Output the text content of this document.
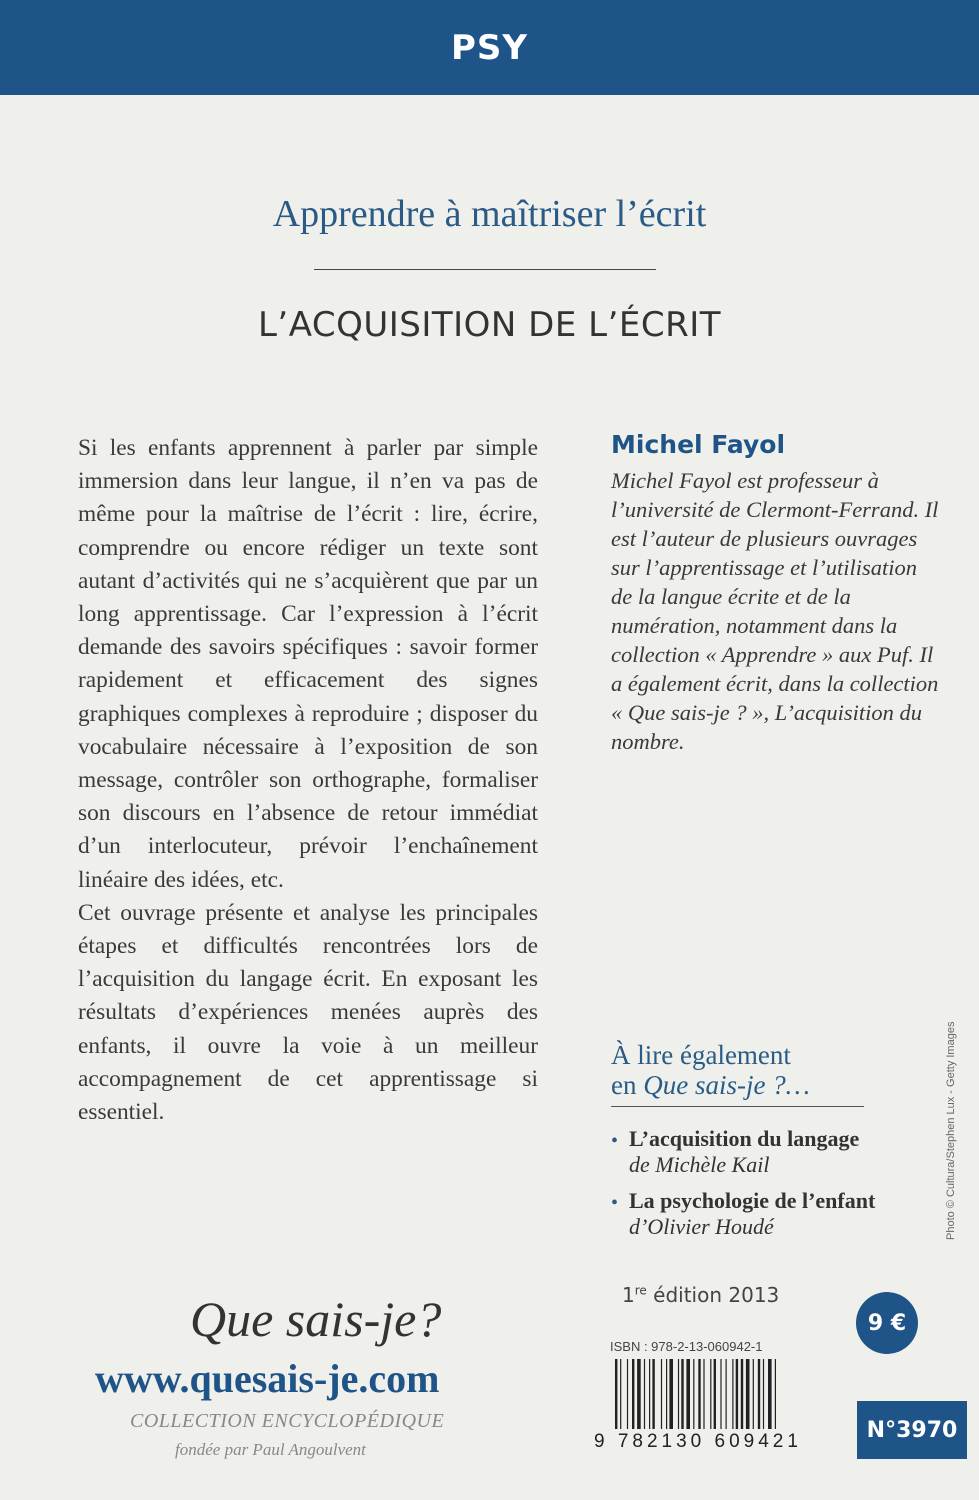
PSY
Apprendre à maîtriser l’écrit
L’ACQUISITION DE L’ÉCRIT

Si les enfants apprennent à parler par simple immersion dans leur langue, il n’en va pas de même pour la maîtrise de l’écrit : lire, écrire, comprendre ou encore rédiger un texte sont autant d’activités qui ne s’acquièrent que par un long apprentissage. Car l’expression à l’écrit demande des savoirs spécifiques : savoir former rapidement et efficacement des signes graphiques complexes à reproduire ; disposer du vocabulaire nécessaire à l’exposition de son message, contrôler son orthographe, formaliser son discours en l’absence de retour immédiat d’un interlocuteur, prévoir l’enchaînement linéaire des idées, etc.

Cet ouvrage présente et analyse les principales étapes et difficultés rencontrées lors de l’acquisition du langage écrit. En exposant les résultats d’expériences menées auprès des enfants, il ouvre la voie à un meilleur accompagnement de cet apprentissage si essentiel.

Michel Fayol
Michel Fayol est professeur à l’université de Clermont-Ferrand. Il est l’auteur de plusieurs ouvrages sur l’apprentissage et l’utilisation de la langue écrite et de la numération, notamment dans la collection « Apprendre » aux Puf. Il a également écrit, dans la collection « Que sais-je ? », L’acquisition du nombre.
Photo © Cultura/Stephen Lux - Getty Images
À lire également
en Que sais-je ?…
• L’acquisition du langage
de Michèle Kail
• La psychologie de l’enfant
d’Olivier Houdé
1re édition 2013
9 €
ISBN : 978-2-13-060942-1
9 782130 609421	N°3970
Que sais-je?
www.quesais-je.com
COLLECTION ENCYCLOPÉDIQUE
fondée par Paul Angoulvent
